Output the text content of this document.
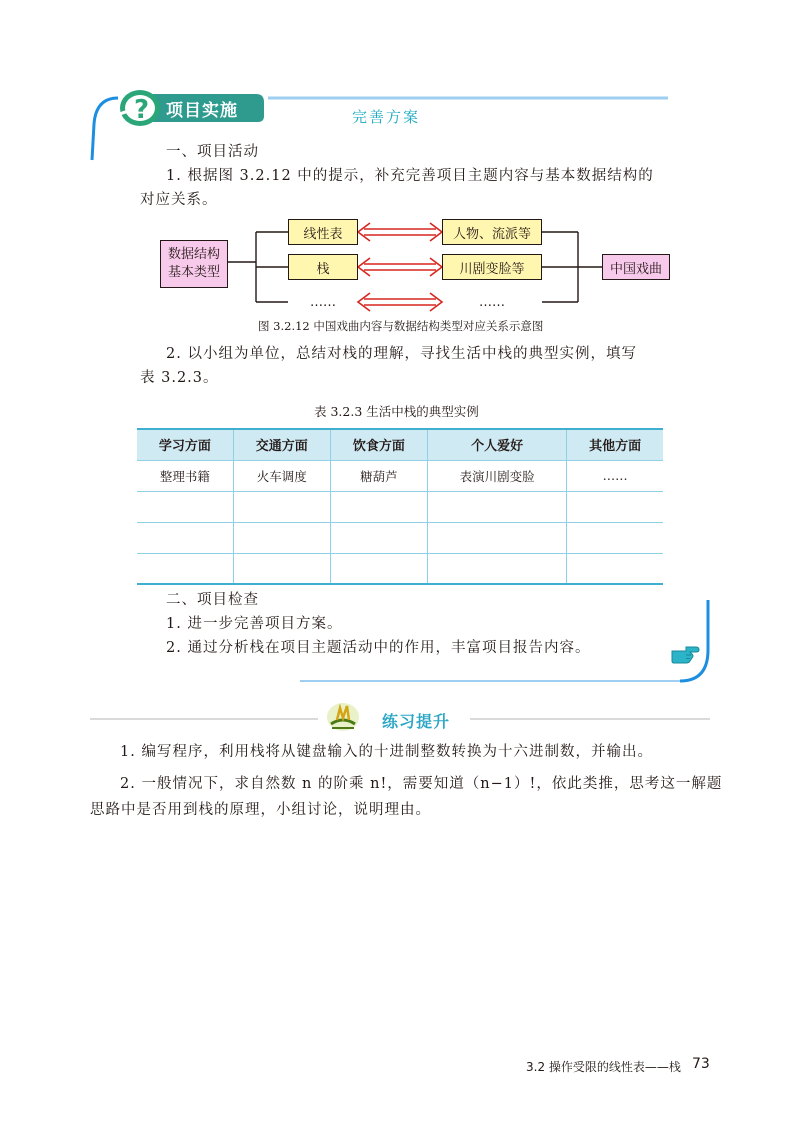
? 项目实施	完善方案
一、项目活动
1. 根据图 3.2.12 中的提示，补充完善项目主题内容与基本数据结构的
对应关系。
数据结构
基本类型
线性表
栈
……
人物、流派等
川剧变脸等
……
中国戏曲
图 3.2.12 中国戏曲内容与数据结构类型对应关系示意图
2. 以小组为单位，总结对栈的理解，寻找生活中栈的典型实例，填写
表 3.2.3。
表 3.2.3 生活中栈的典型实例
学习方面	交通方面	饮食方面	个人爱好	其他方面
整理书籍	火车调度	糖葫芦	表演川剧变脸	……

二、项目检查
1. 进一步完善项目方案。
2. 通过分析栈在项目主题活动中的作用，丰富项目报告内容。
练习提升
1. 编写程序，利用栈将从键盘输入的十进制整数转换为十六进制数，并输出。
2. 一般情况下，求自然数 n 的阶乘 n!，需要知道（n−1）!，依此类推，思考这一解题
思路中是否用到栈的原理，小组讨论，说明理由。
3.2 操作受限的线性表——栈 73
